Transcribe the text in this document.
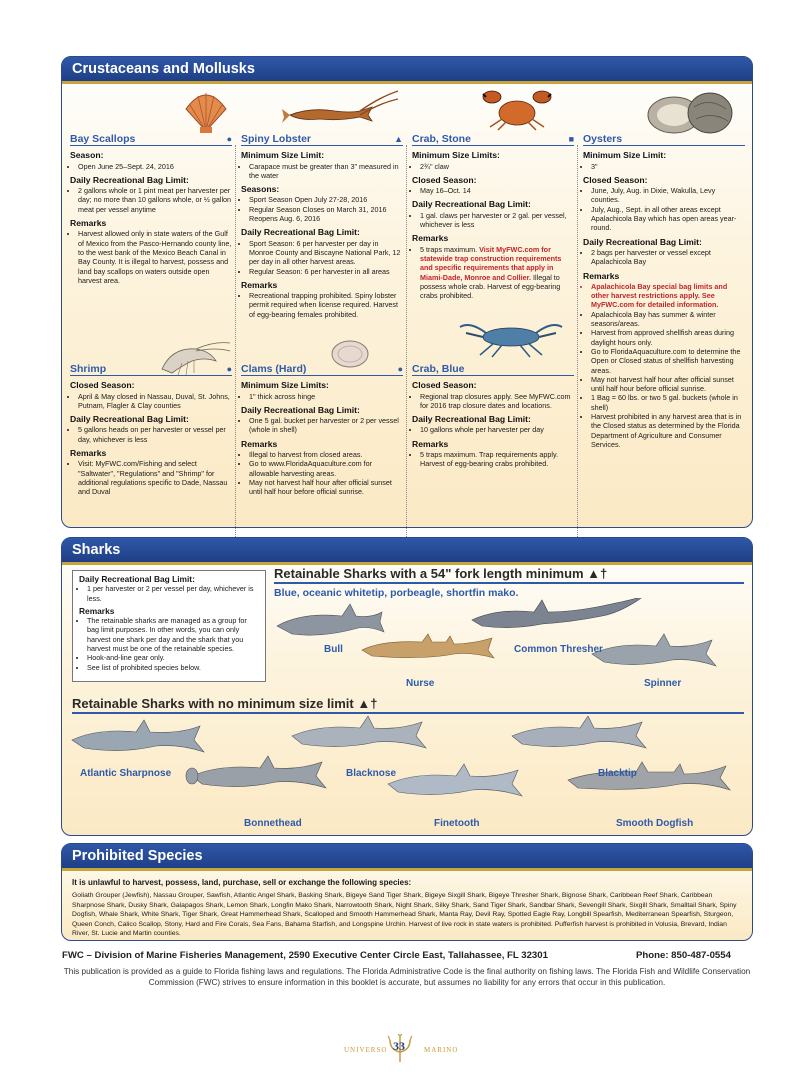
Crustaceans and Mollusks
Bay Scallops	●
Season:
• Open June 25–Sept. 24, 2016
Daily Recreational Bag Limit:
• 2 gallons whole or 1 pint meat per harvester per day; no more than 10 gallons whole, or ½ gallon meat per vessel anytime
Remarks
• Harvest allowed only in state waters of the Gulf of Mexico from the Pasco-Hernando county line, to the west bank of the Mexico Beach Canal in Bay County. It is illegal to harvest, possess and land bay scallops on waters outside open harvest area.
Shrimp	●
Closed Season:
• April & May closed in Nassau, Duval, St. Johns, Putnam, Flagler & Clay counties
Daily Recreational Bag Limit:
• 5 gallons heads on per harvester or vessel per day, whichever is less
Remarks
• Visit: MyFWC.com/Fishing and select "Saltwater", "Regulations" and "Shrimp" for additional regulations specific to Dade, Nassau and Duval
Spiny Lobster	▲
Minimum Size Limit:
• Carapace must be greater than 3" measured in the water
Seasons:
• Sport Season Open July 27-28, 2016
• Regular Season Closes on March 31, 2016 Reopens Aug. 6, 2016
Daily Recreational Bag Limit:
• Sport Season: 6 per harvester per day in Monroe County and Biscayne National Park, 12 per day in all other harvest areas.
• Regular Season: 6 per harvester in all areas
Remarks
• Recreational trapping prohibited. Spiny lobster permit required when license required. Harvest of egg-bearing females prohibited.
Clams (Hard)	●
Minimum Size Limits:
• 1" thick across hinge
Daily Recreational Bag Limit:
• One 5 gal. bucket per harvester or 2 per vessel (whole in shell)
Remarks
• Illegal to harvest from closed areas.
• Go to www.FloridaAquaculture.com for allowable harvesting areas.
• May not harvest half hour after official sunset until half hour before official sunrise.
Crab, Stone	■
Minimum Size Limits:
• 2¾" claw
Closed Season:
• May 16–Oct. 14
Daily Recreational Bag Limit:
• 1 gal. claws per harvester or 2 gal. per vessel, whichever is less
Remarks
• 5 traps maximum. Visit MyFWC.com for statewide trap construction requirements and specific requirements that apply in Miami-Dade, Monroe and Collier. Illegal to possess whole crab. Harvest of egg-bearing crabs prohibited.
Crab, Blue
Closed Season:
• Regional trap closures apply. See MyFWC.com for 2016 trap closure dates and locations.
Daily Recreational Bag Limit:
• 10 gallons whole per harvester per day
Remarks
• 5 traps maximum. Trap requirements apply. Harvest of egg-bearing crabs prohibited.
Oysters
Minimum Size Limit:
• 3"
Closed Season:
• June, July, Aug. in Dixie, Wakulla, Levy counties.
• July, Aug., Sept. in all other areas except Apalachicola Bay which has open areas year-round.
Daily Recreational Bag Limit:
• 2 bags per harvester or vessel except Apalachicola Bay
Remarks
• Apalachicola Bay special bag limits and other harvest restrictions apply. See MyFWC.com for detailed information.
• Apalachicola Bay has summer & winter seasons/areas.
• Harvest from approved shellfish areas during daylight hours only.
• Go to FloridaAquaculture.com to determine the Open or Closed status of shellfish harvesting areas.
• May not harvest half hour after official sunset until half hour before official sunrise.
• 1 Bag = 60 lbs. or two 5 gal. buckets (whole in shell)
• Harvest prohibited in any harvest area that is in the Closed status as determined by the Florida Department of Agriculture and Consumer Services.
Sharks
Daily Recreational Bag Limit:
• 1 per harvester or 2 per vessel per day, whichever is less.
Remarks
• The retainable sharks are managed as a group for bag limit purposes. In other words, you can only harvest one shark per day and the shark that you harvest must be one of the retainable species.
• Hook-and-line gear only.
• See list of prohibited species below.
Retainable Sharks with a 54" fork length minimum ▲†
Blue, oceanic whitetip, porbeagle, shortfin mako.
Bull	Common Thresher
Nurse	Spinner
Retainable Sharks with no minimum size limit ▲†
Atlantic Sharpnose	Blacknose	Blacktip
Bonnethead	Finetooth	Smooth Dogfish
Prohibited Species
It is unlawful to harvest, possess, land, purchase, sell or exchange the following species:
Goliath Grouper (Jewfish), Nassau Grouper, Sawfish, Atlantic Angel Shark, Basking Shark, Bigeye Sand Tiger Shark, Bigeye Sixgill Shark, Bigeye Thresher Shark, Bignose Shark, Caribbean Reef Shark, Caribbean Sharpnose Shark, Dusky Shark, Galapagos Shark, Lemon Shark, Longfin Mako Shark, Narrowtooth Shark, Night Shark, Silky Shark, Sand Tiger Shark, Sandbar Shark, Sevengill Shark, Sixgill Shark, Smalltail Shark, Spiny Dogfish, Whale Shark, White Shark, Tiger Shark, Great Hammerhead Shark, Scalloped and Smooth Hammerhead Shark, Manta Ray, Devil Ray, Spotted Eagle Ray, Longbill Spearfish, Mediterranean Spearfish, Sturgeon, Queen Conch, Calico Scallop, Stony, Hard and Fire Corals, Sea Fans, Bahama Starfish, and Longspine Urchin. Harvest of live rock in state waters is prohibited. Pufferfish harvest is prohibited in Volusia, Brevard, Indian River, St. Lucie and Martin counties.
FWC – Division of Marine Fisheries Management, 2590 Executive Center Circle East, Tallahassee, FL 32301	Phone: 850-487-0554
This publication is provided as a guide to Florida fishing laws and regulations. The Florida Administrative Code is the final authority on fishing laws. The Florida Fish and Wildlife Conservation Commission (FWC) strives to ensure information in this booklet is accurate, but assumes no liability for any errors that occur in this publication.
UNIVERSO 33	MARINO
